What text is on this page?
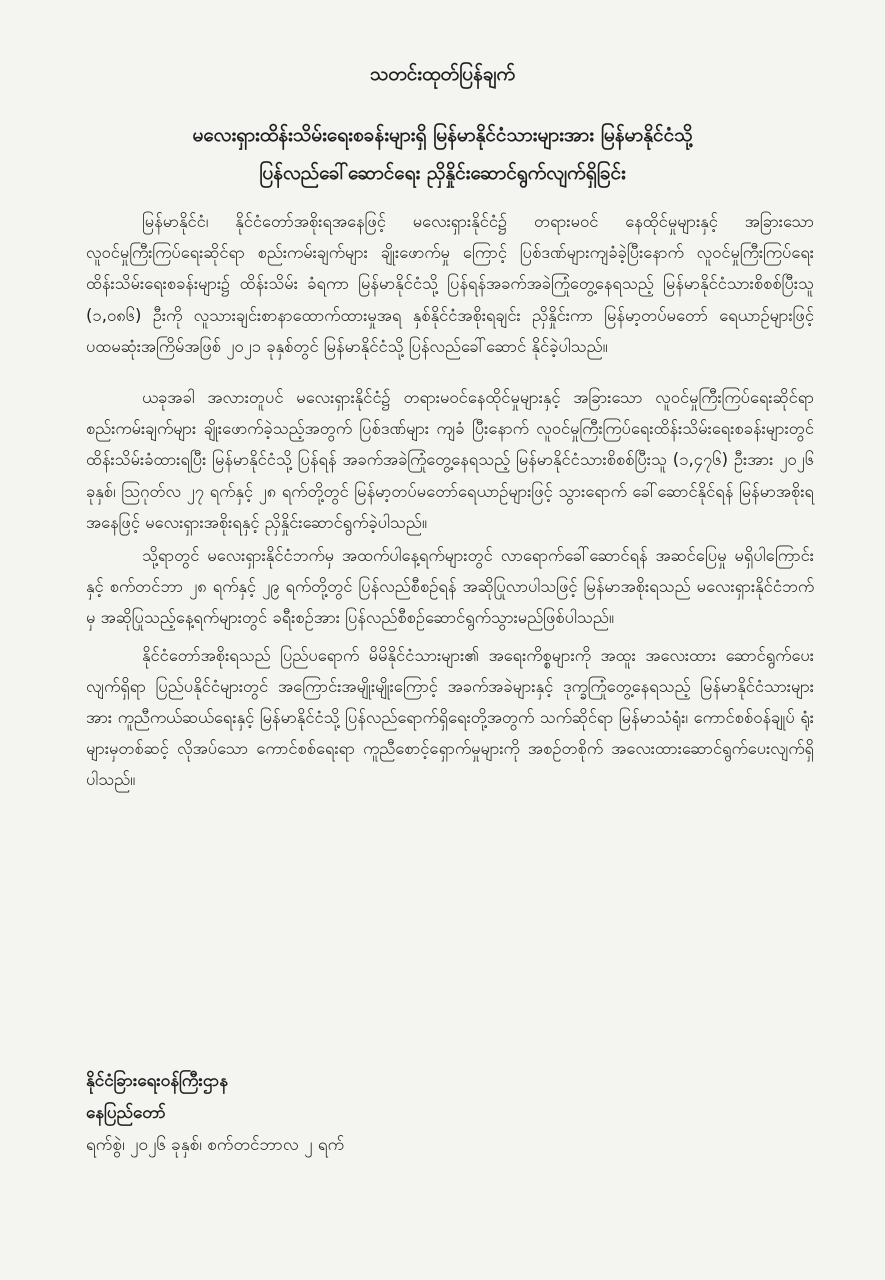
သတင်းထုတ်ပြန်ချက်
မလေးရှားထိန်းသိမ်းရေးစခန်းများရှိ မြန်မာနိုင်ငံသားများအား မြန်မာနိုင်ငံသို့
ပြန်လည်ခေါ်ဆောင်ရေး ညှိနှိုင်းဆောင်ရွက်လျက်ရှိခြင်း

မြန်မာနိုင်ငံ၊ နိုင်ငံတော်အစိုးရအနေဖြင့် မလေးရှားနိုင်ငံ၌ တရားမဝင် နေထိုင်မှုများနှင့် အခြားသော လူဝင်မှုကြီးကြပ်ရေးဆိုင်ရာ စည်းကမ်းချက်များ ချိုးဖောက်မှု ကြောင့် ပြစ်ဒဏ်များကျခံခဲ့ပြီးနောက် လူဝင်မှုကြီးကြပ်ရေးထိန်းသိမ်းရေးစခန်းများ၌ ထိန်းသိမ်း ခံရကာ မြန်မာနိုင်ငံသို့ ပြန်ရန်အခက်အခဲကြုံတွေ့နေရသည့် မြန်မာနိုင်ငံသားစိစစ်ပြီးသူ (၁,၀၈၆) ဦးကို လူသားချင်းစာနာထောက်ထားမှုအရ နှစ်နိုင်ငံအစိုးရချင်း ညှိနှိုင်းကာ မြန်မာ့တပ်မတော် ရေယာဉ်များဖြင့် ပထမဆုံးအကြိမ်အဖြစ် ၂၀၂၁ ခုနှစ်တွင် မြန်မာနိုင်ငံသို့ ပြန်လည်ခေါ်ဆောင် နိုင်ခဲ့ပါသည်။

ယခုအခါ အလားတူပင် မလေးရှားနိုင်ငံ၌ တရားမဝင်နေထိုင်မှုများနှင့် အခြားသော လူဝင်မှုကြီးကြပ်ရေးဆိုင်ရာ စည်းကမ်းချက်များ ချိုးဖောက်ခဲ့သည့်အတွက် ပြစ်ဒဏ်များ ကျခံ ပြီးနောက် လူဝင်မှုကြီးကြပ်ရေးထိန်းသိမ်းရေးစခန်းများတွင် ထိန်းသိမ်းခံထားရပြီး မြန်မာနိုင်ငံသို့ ပြန်ရန် အခက်အခဲကြုံတွေ့နေရသည့် မြန်မာနိုင်ငံသားစိစစ်ပြီးသူ (၁,၄၇၆) ဦးအား ၂၀၂၆ ခုနှစ်၊ ဩဂုတ်လ ၂၇ ရက်နှင့် ၂၈ ရက်တို့တွင် မြန်မာ့တပ်မတော်ရေယာဉ်များဖြင့် သွားရောက် ခေါ်ဆောင်နိုင်ရန် မြန်မာအစိုးရအနေဖြင့် မလေးရှားအစိုးရနှင့် ညှိနှိုင်းဆောင်ရွက်ခဲ့ပါသည်။

သို့ရာတွင် မလေးရှားနိုင်ငံဘက်မှ အထက်ပါနေ့ရက်များတွင် လာရောက်ခေါ်ဆောင်ရန် အဆင်ပြေမှု မရှိပါကြောင်းနှင့် စက်တင်ဘာ ၂၈ ရက်နှင့် ၂၉ ရက်တို့တွင် ပြန်လည်စီစဉ်ရန် အဆိုပြုလာပါသဖြင့် မြန်မာအစိုးရသည် မလေးရှားနိုင်ငံဘက်မှ အဆိုပြုသည့်နေ့ရက်များတွင် ခရီးစဉ်အား ပြန်လည်စီစဉ်ဆောင်ရွက်သွားမည်ဖြစ်ပါသည်။

နိုင်ငံတော်အစိုးရသည် ပြည်ပရောက် မိမိနိုင်ငံသားများ၏ အရေးကိစ္စများကို အထူး အလေးထား ဆောင်ရွက်ပေးလျက်ရှိရာ ပြည်ပနိုင်ငံများတွင် အကြောင်းအမျိုးမျိုးကြောင့် အခက်အခဲများနှင့် ဒုက္ခကြုံတွေ့နေရသည့် မြန်မာနိုင်ငံသားများအား ကူညီကယ်ဆယ်ရေးနှင့် မြန်မာနိုင်ငံသို့ ပြန်လည်ရောက်ရှိရေးတို့အတွက် သက်ဆိုင်ရာ မြန်မာသံရုံး၊ ကောင်စစ်ဝန်ချုပ် ရုံးများမှတစ်ဆင့် လိုအပ်သော ကောင်စစ်ရေးရာ ကူညီစောင့်ရှောက်မှုများကို အစဉ်တစိုက် အလေးထားဆောင်ရွက်ပေးလျက်ရှိပါသည်။

နိုင်ငံခြားရေးဝန်ကြီးဌာန
နေပြည်တော်
ရက်စွဲ၊ ၂၀၂၆ ခုနှစ်၊ စက်တင်ဘာလ ၂ ရက်
